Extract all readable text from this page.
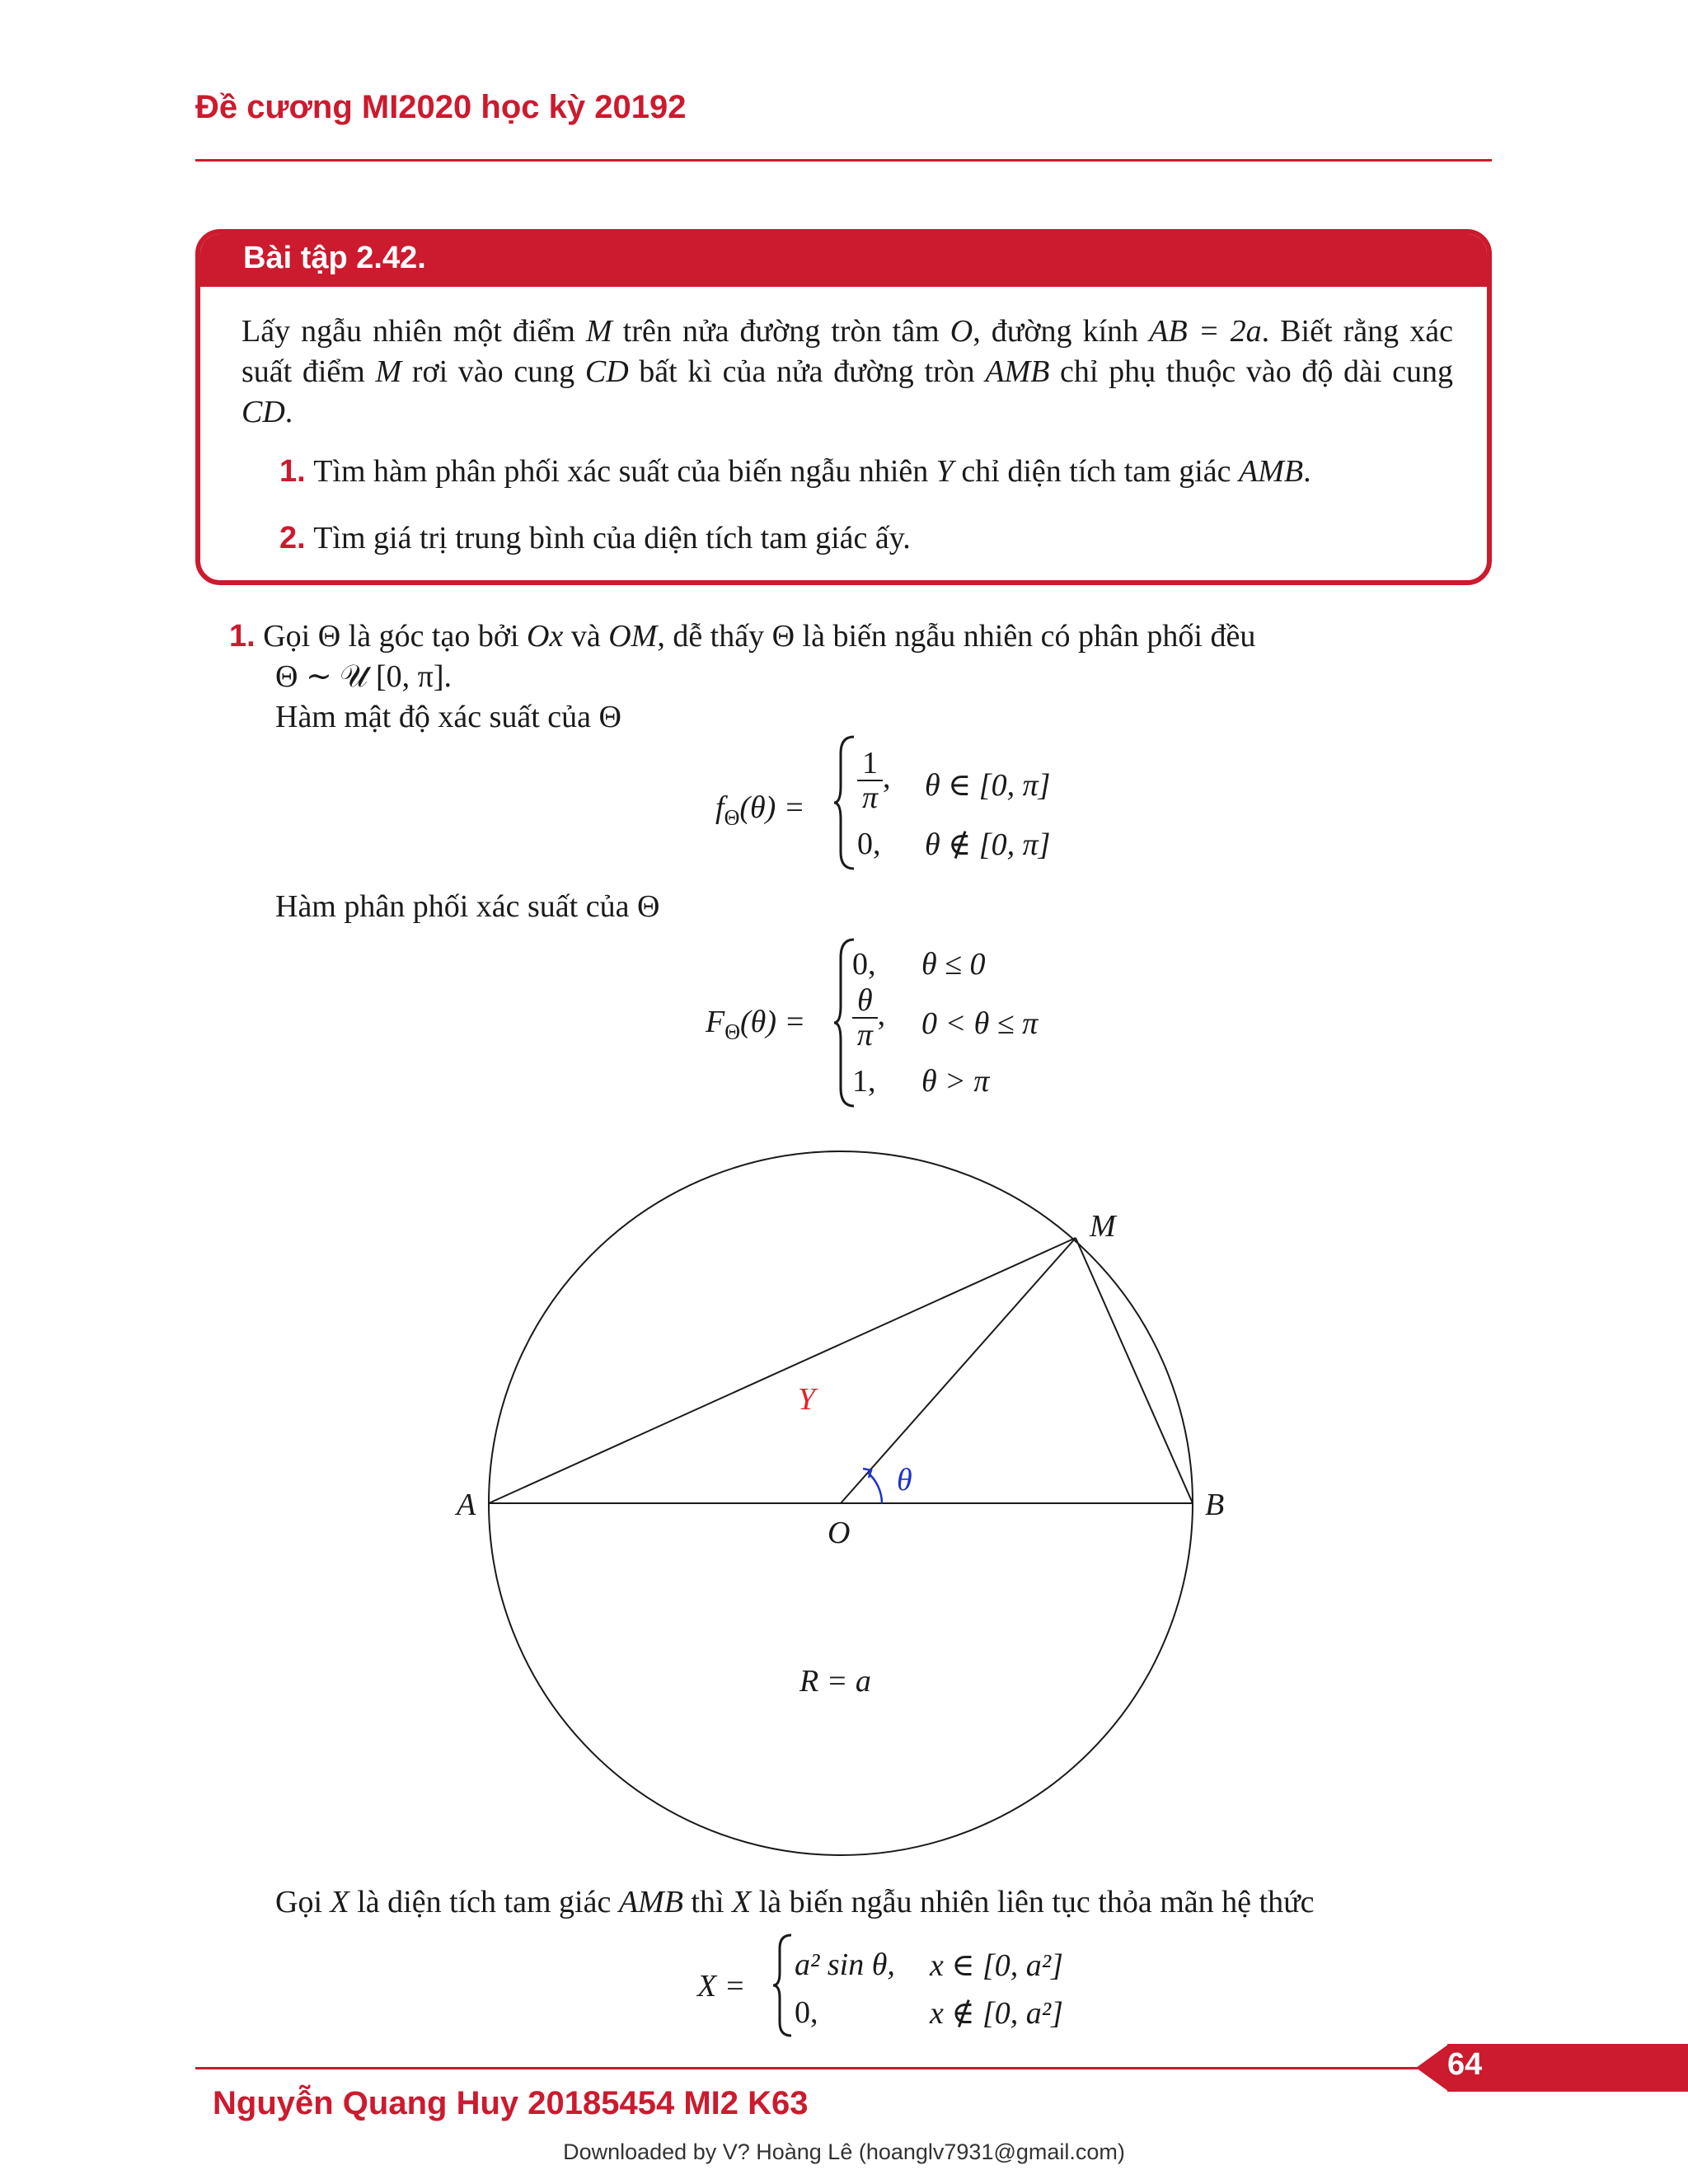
Đề cương MI2020 học kỳ 20192
Bài tập 2.42.
Lấy ngẫu nhiên một điểm M trên nửa đường tròn tâm O, đường kính AB = 2a. Biết rằng xác suất điểm M rơi vào cung CD bất kì của nửa đường tròn AMB chỉ phụ thuộc vào độ dài cung CD.
1. Tìm hàm phân phối xác suất của biến ngẫu nhiên Y chỉ diện tích tam giác AMB.
2. Tìm giá trị trung bình của diện tích tam giác ấy.
1. Gọi Θ là góc tạo bởi Ox và OM, dễ thấy Θ là biến ngẫu nhiên có phân phối đều
Θ ∼ 𝒰 [0, π].
Hàm mật độ xác suất của Θ
$f_\Theta(\theta) = \frac{1}{\pi}$ , θ ∈ [0, π]
0, θ ∉ [0, π]
Hàm phân phối xác suất của Θ
$F_\Theta(\theta)$ =
0, θ ≤ 0
$\frac{\theta}{\pi}$ , 0 < θ ≤ π
1, θ > π
M
A	B
O
Y
θ
R = a
Gọi X là diện tích tam giác AMB thì X là biến ngẫu nhiên liên tục thỏa mãn hệ thức
X =
a² sin θ, x ∈ [0, a²]
0,	x ∉ [0, a²]
64
Nguyễn Quang Huy 20185454 MI2 K63
Downloaded by V? Hoàng Lê (hoanglv7931@gmail.com)
